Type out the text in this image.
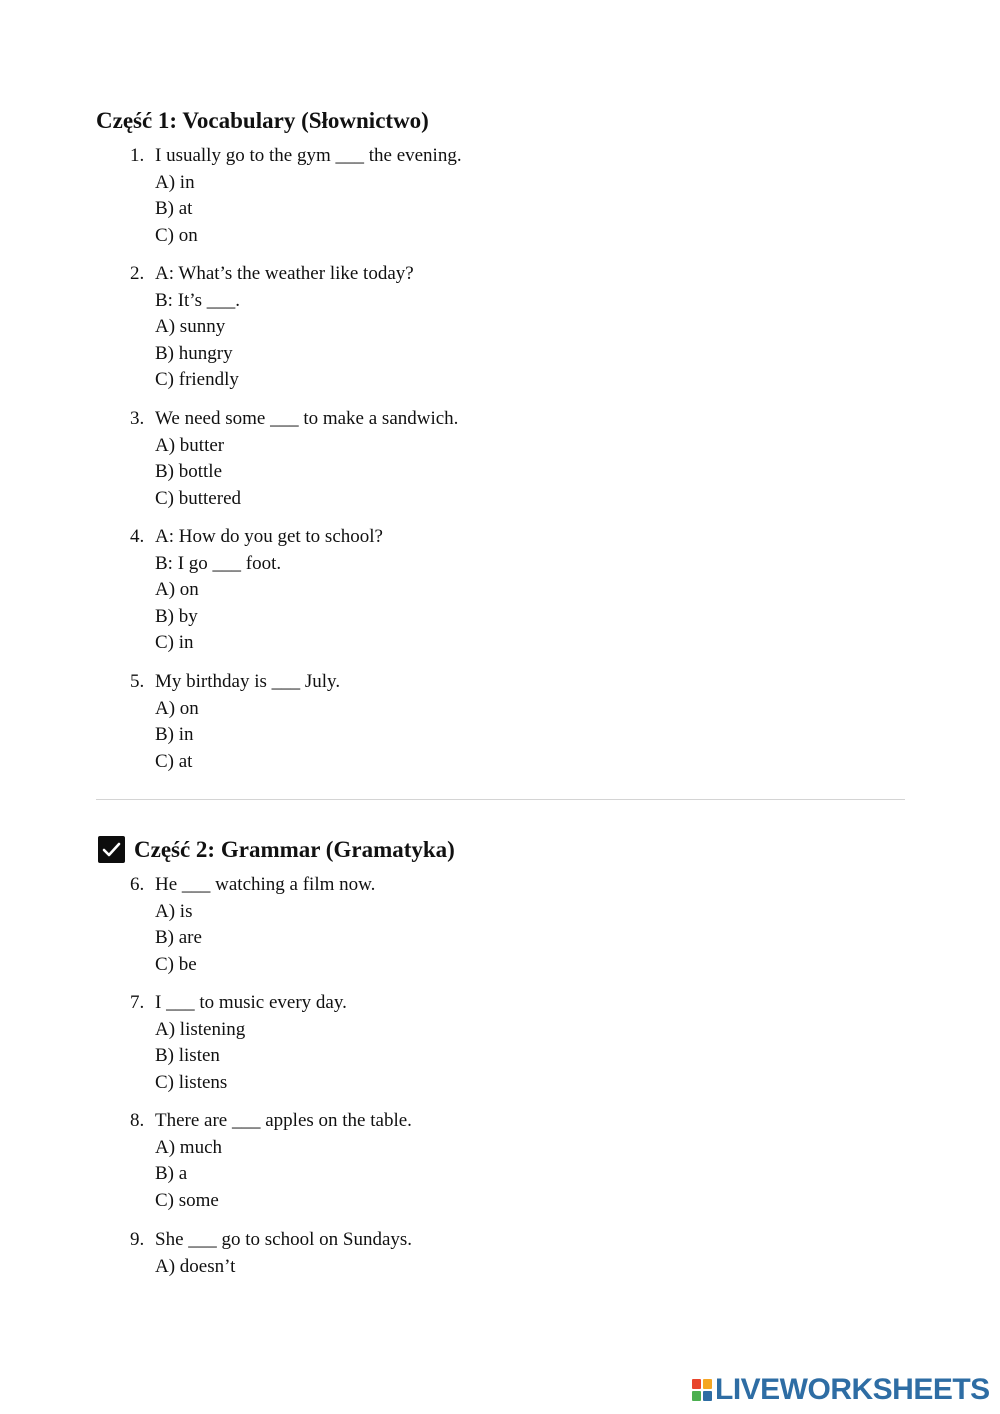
Część 1: Vocabulary (Słownictwo)
1. I usually go to the gym ___ the evening.
A) in
B) at
C) on
2. A: What’s the weather like today?
B: It’s ___.
A) sunny
B) hungry
C) friendly
3. We need some ___ to make a sandwich.
A) butter
B) bottle
C) buttered
4. A: How do you get to school?
B: I go ___ foot.
A) on
B) by
C) in
5. My birthday is ___ July.
A) on
B) in
C) at
6. He ___ watching a film now.
A) is
B) are
C) be
7. I ___ to music every day.
A) listening
B) listen
C) listens
8. There are ___ apples on the table.
A) much
B) a
C) some
9. She ___ go to school on Sundays.
A) doesn’t
Część 2: Grammar (Gramatyka)
LIVEWORKSHEETS
